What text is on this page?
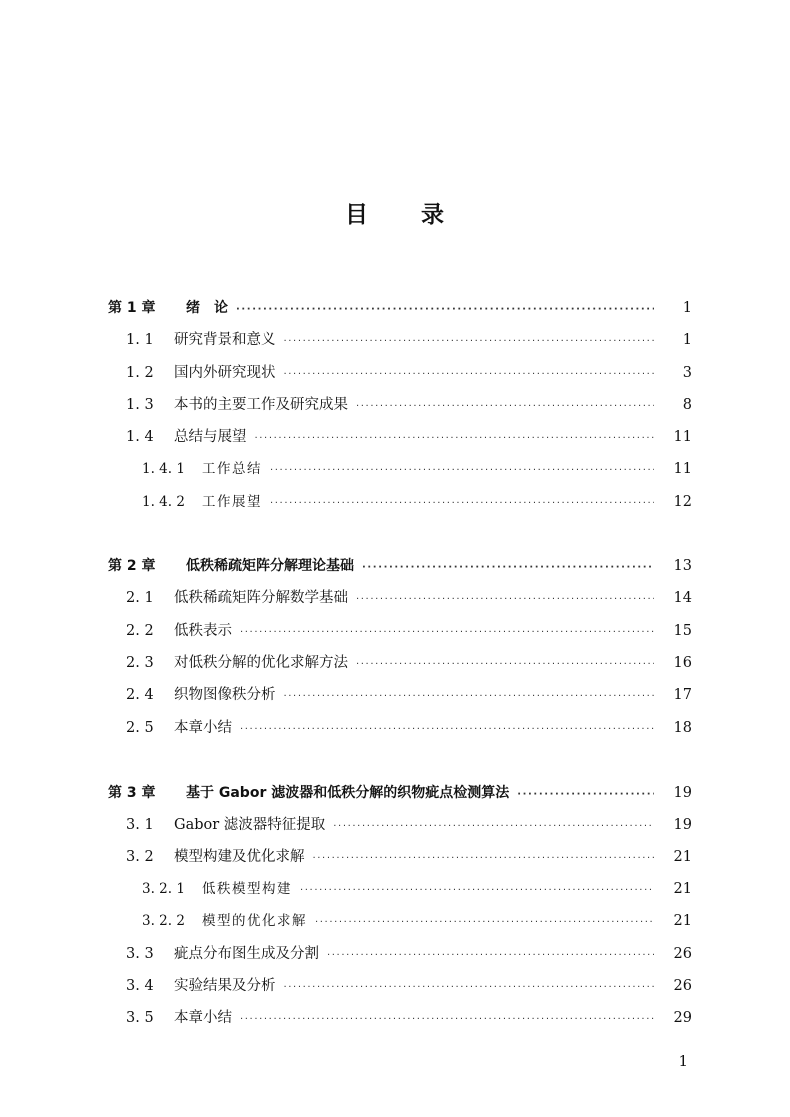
目 录
第 1 章	绪　论 ·····	1
1. 1	研究背景和意义 ·····	1
1. 2	国内外研究现状 ·····	3
1. 3	本书的主要工作及研究成果 ·····	8
1. 4	总结与展望 ·····	11
1. 4. 1	工作总结 ·····	11
1. 4. 2	工作展望 ·····	12
第 2 章	低秩稀疏矩阵分解理论基础 ·····	13
2. 1	低秩稀疏矩阵分解数学基础 ·····	14
2. 2	低秩表示 ·····	15
2. 3	对低秩分解的优化求解方法 ·····	16
2. 4	织物图像秩分析 ·····	17
2. 5	本章小结 ·····	18
第 3 章	基于 Gabor 滤波器和低秩分解的织物疵点检测算法 ·····	19
3. 1	Gabor 滤波器特征提取 ·····	19
3. 2	模型构建及优化求解 ·····	21
3. 2. 1	低秩模型构建 ·····	21
3. 2. 2	模型的优化求解 ·····	21
3. 3	疵点分布图生成及分割 ·····	26
3. 4	实验结果及分析 ·····	26
3. 5	本章小结 ·····	29
1
